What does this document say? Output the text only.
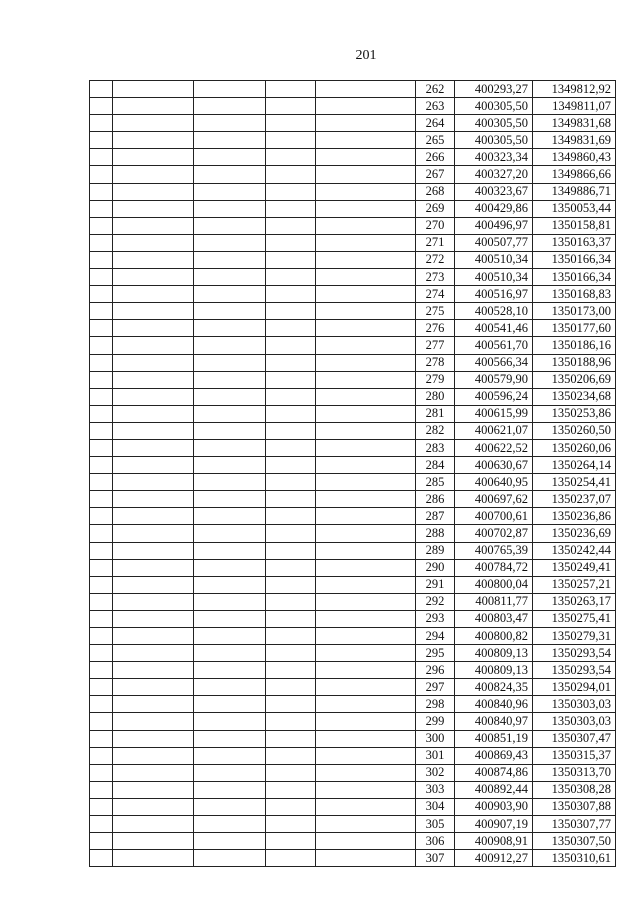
201
					262	400293,27	1349812,92
					263	400305,50	1349811,07
					264	400305,50	1349831,68
					265	400305,50	1349831,69
					266	400323,34	1349860,43
					267	400327,20	1349866,66
					268	400323,67	1349886,71
					269	400429,86	1350053,44
					270	400496,97	1350158,81
					271	400507,77	1350163,37
					272	400510,34	1350166,34
					273	400510,34	1350166,34
					274	400516,97	1350168,83
					275	400528,10	1350173,00
					276	400541,46	1350177,60
					277	400561,70	1350186,16
					278	400566,34	1350188,96
					279	400579,90	1350206,69
					280	400596,24	1350234,68
					281	400615,99	1350253,86
					282	400621,07	1350260,50
					283	400622,52	1350260,06
					284	400630,67	1350264,14
					285	400640,95	1350254,41
					286	400697,62	1350237,07
					287	400700,61	1350236,86
					288	400702,87	1350236,69
					289	400765,39	1350242,44
					290	400784,72	1350249,41
					291	400800,04	1350257,21
					292	400811,77	1350263,17
					293	400803,47	1350275,41
					294	400800,82	1350279,31
					295	400809,13	1350293,54
					296	400809,13	1350293,54
					297	400824,35	1350294,01
					298	400840,96	1350303,03
					299	400840,97	1350303,03
					300	400851,19	1350307,47
					301	400869,43	1350315,37
					302	400874,86	1350313,70
					303	400892,44	1350308,28
					304	400903,90	1350307,88
					305	400907,19	1350307,77
					306	400908,91	1350307,50
					307	400912,27	1350310,61
